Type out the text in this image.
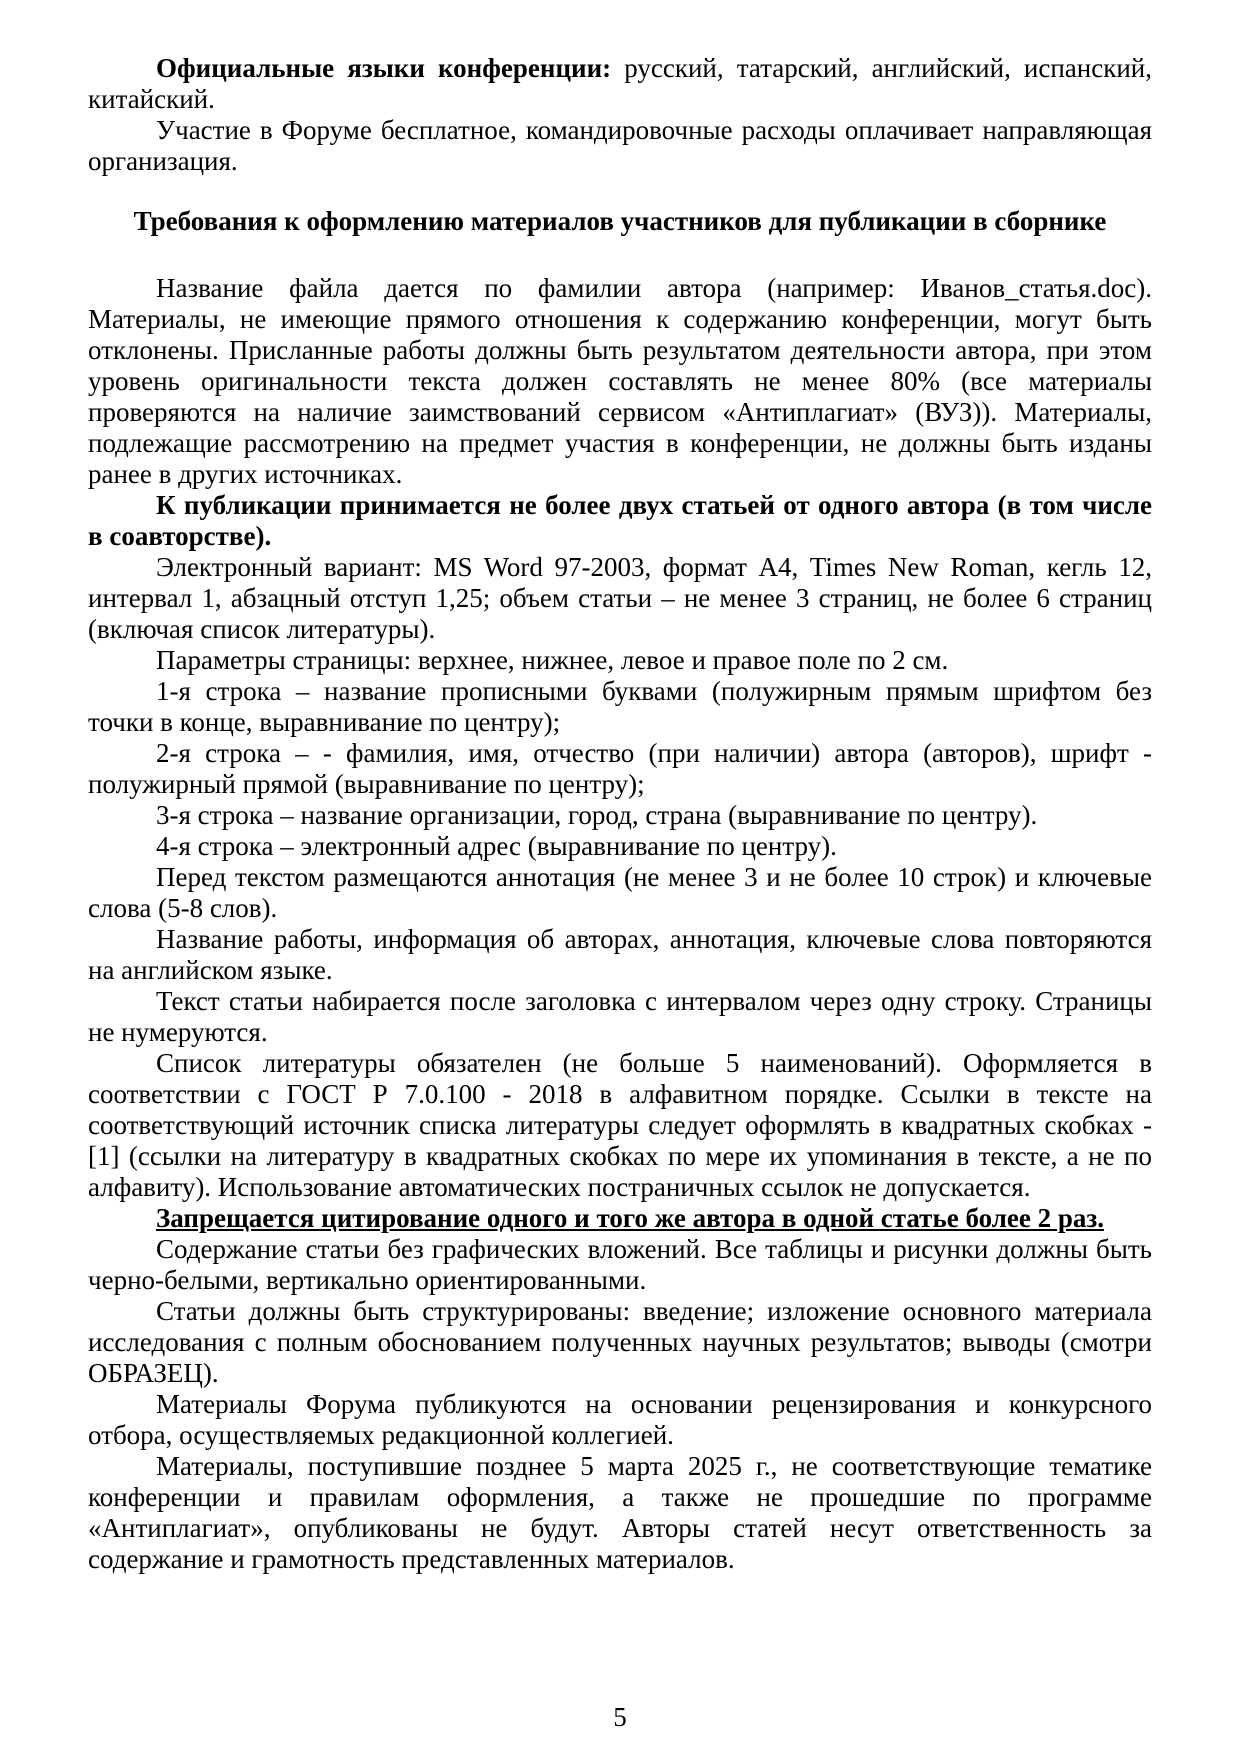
Официальные языки конференции: русский, татарский, английский, испанский, китайский.

Участие в Форуме бесплатное, командировочные расходы оплачивает направляющая организация.

Требования к оформлению материалов участников для публикации в сборнике

Название файла дается по фамилии автора (например: Иванов_статья.doc). Материалы, не имеющие прямого отношения к содержанию конференции, могут быть отклонены. Присланные работы должны быть результатом деятельности автора, при этом уровень оригинальности текста должен составлять не менее 80% (все материалы проверяются на наличие заимствований сервисом «Антиплагиат» (ВУЗ)). Материалы, подлежащие рассмотрению на предмет участия в конференции, не должны быть изданы ранее в других источниках.

К публикации принимается не более двух статьей от одного автора (в том числе в соавторстве).

Электронный вариант: MS Word 97-2003, формат А4, Times New Roman, кегль 12, интервал 1, абзацный отступ 1,25; объем статьи – не менее 3 страниц, не более 6 страниц (включая список литературы).

Параметры страницы: верхнее, нижнее, левое и правое поле по 2 см.

1-я строка – название прописными буквами (полужирным прямым шрифтом без точки в конце, выравнивание по центру);

2-я строка – - фамилия, имя, отчество (при наличии) автора (авторов), шрифт - полужирный прямой (выравнивание по центру);

3-я строка – название организации, город, страна (выравнивание по центру).

4-я строка – электронный адрес (выравнивание по центру).

Перед текстом размещаются аннотация (не менее 3 и не более 10 строк) и ключевые слова (5-8 слов).

Название работы, информация об авторах, аннотация, ключевые слова повторяются на английском языке.

Текст статьи набирается после заголовка с интервалом через одну строку. Страницы не нумеруются.

Список литературы обязателен (не больше 5 наименований). Оформляется в соответствии с ГОСТ Р 7.0.100 - 2018 в алфавитном порядке. Ссылки в тексте на соответствующий источник списка литературы следует оформлять в квадратных скобках - [1] (ссылки на литературу в квадратных скобках по мере их упоминания в тексте, а не по алфавиту). Использование автоматических постраничных ссылок не допускается.

Запрещается цитирование одного и того же автора в одной статье более 2 раз.

Содержание статьи без графических вложений. Все таблицы и рисунки должны быть черно-белыми, вертикально ориентированными.

Статьи должны быть структурированы: введение; изложение основного материала исследования с полным обоснованием полученных научных результатов; выводы (смотри ОБРАЗЕЦ).

Материалы Форума публикуются на основании рецензирования и конкурсного отбора, осуществляемых редакционной коллегией.

Материалы, поступившие позднее 5 марта 2025 г., не соответствующие тематике конференции и правилам оформления, а также не прошедшие по программе «Антиплагиат», опубликованы не будут. Авторы статей несут ответственность за содержание и грамотность представленных материалов.

5
